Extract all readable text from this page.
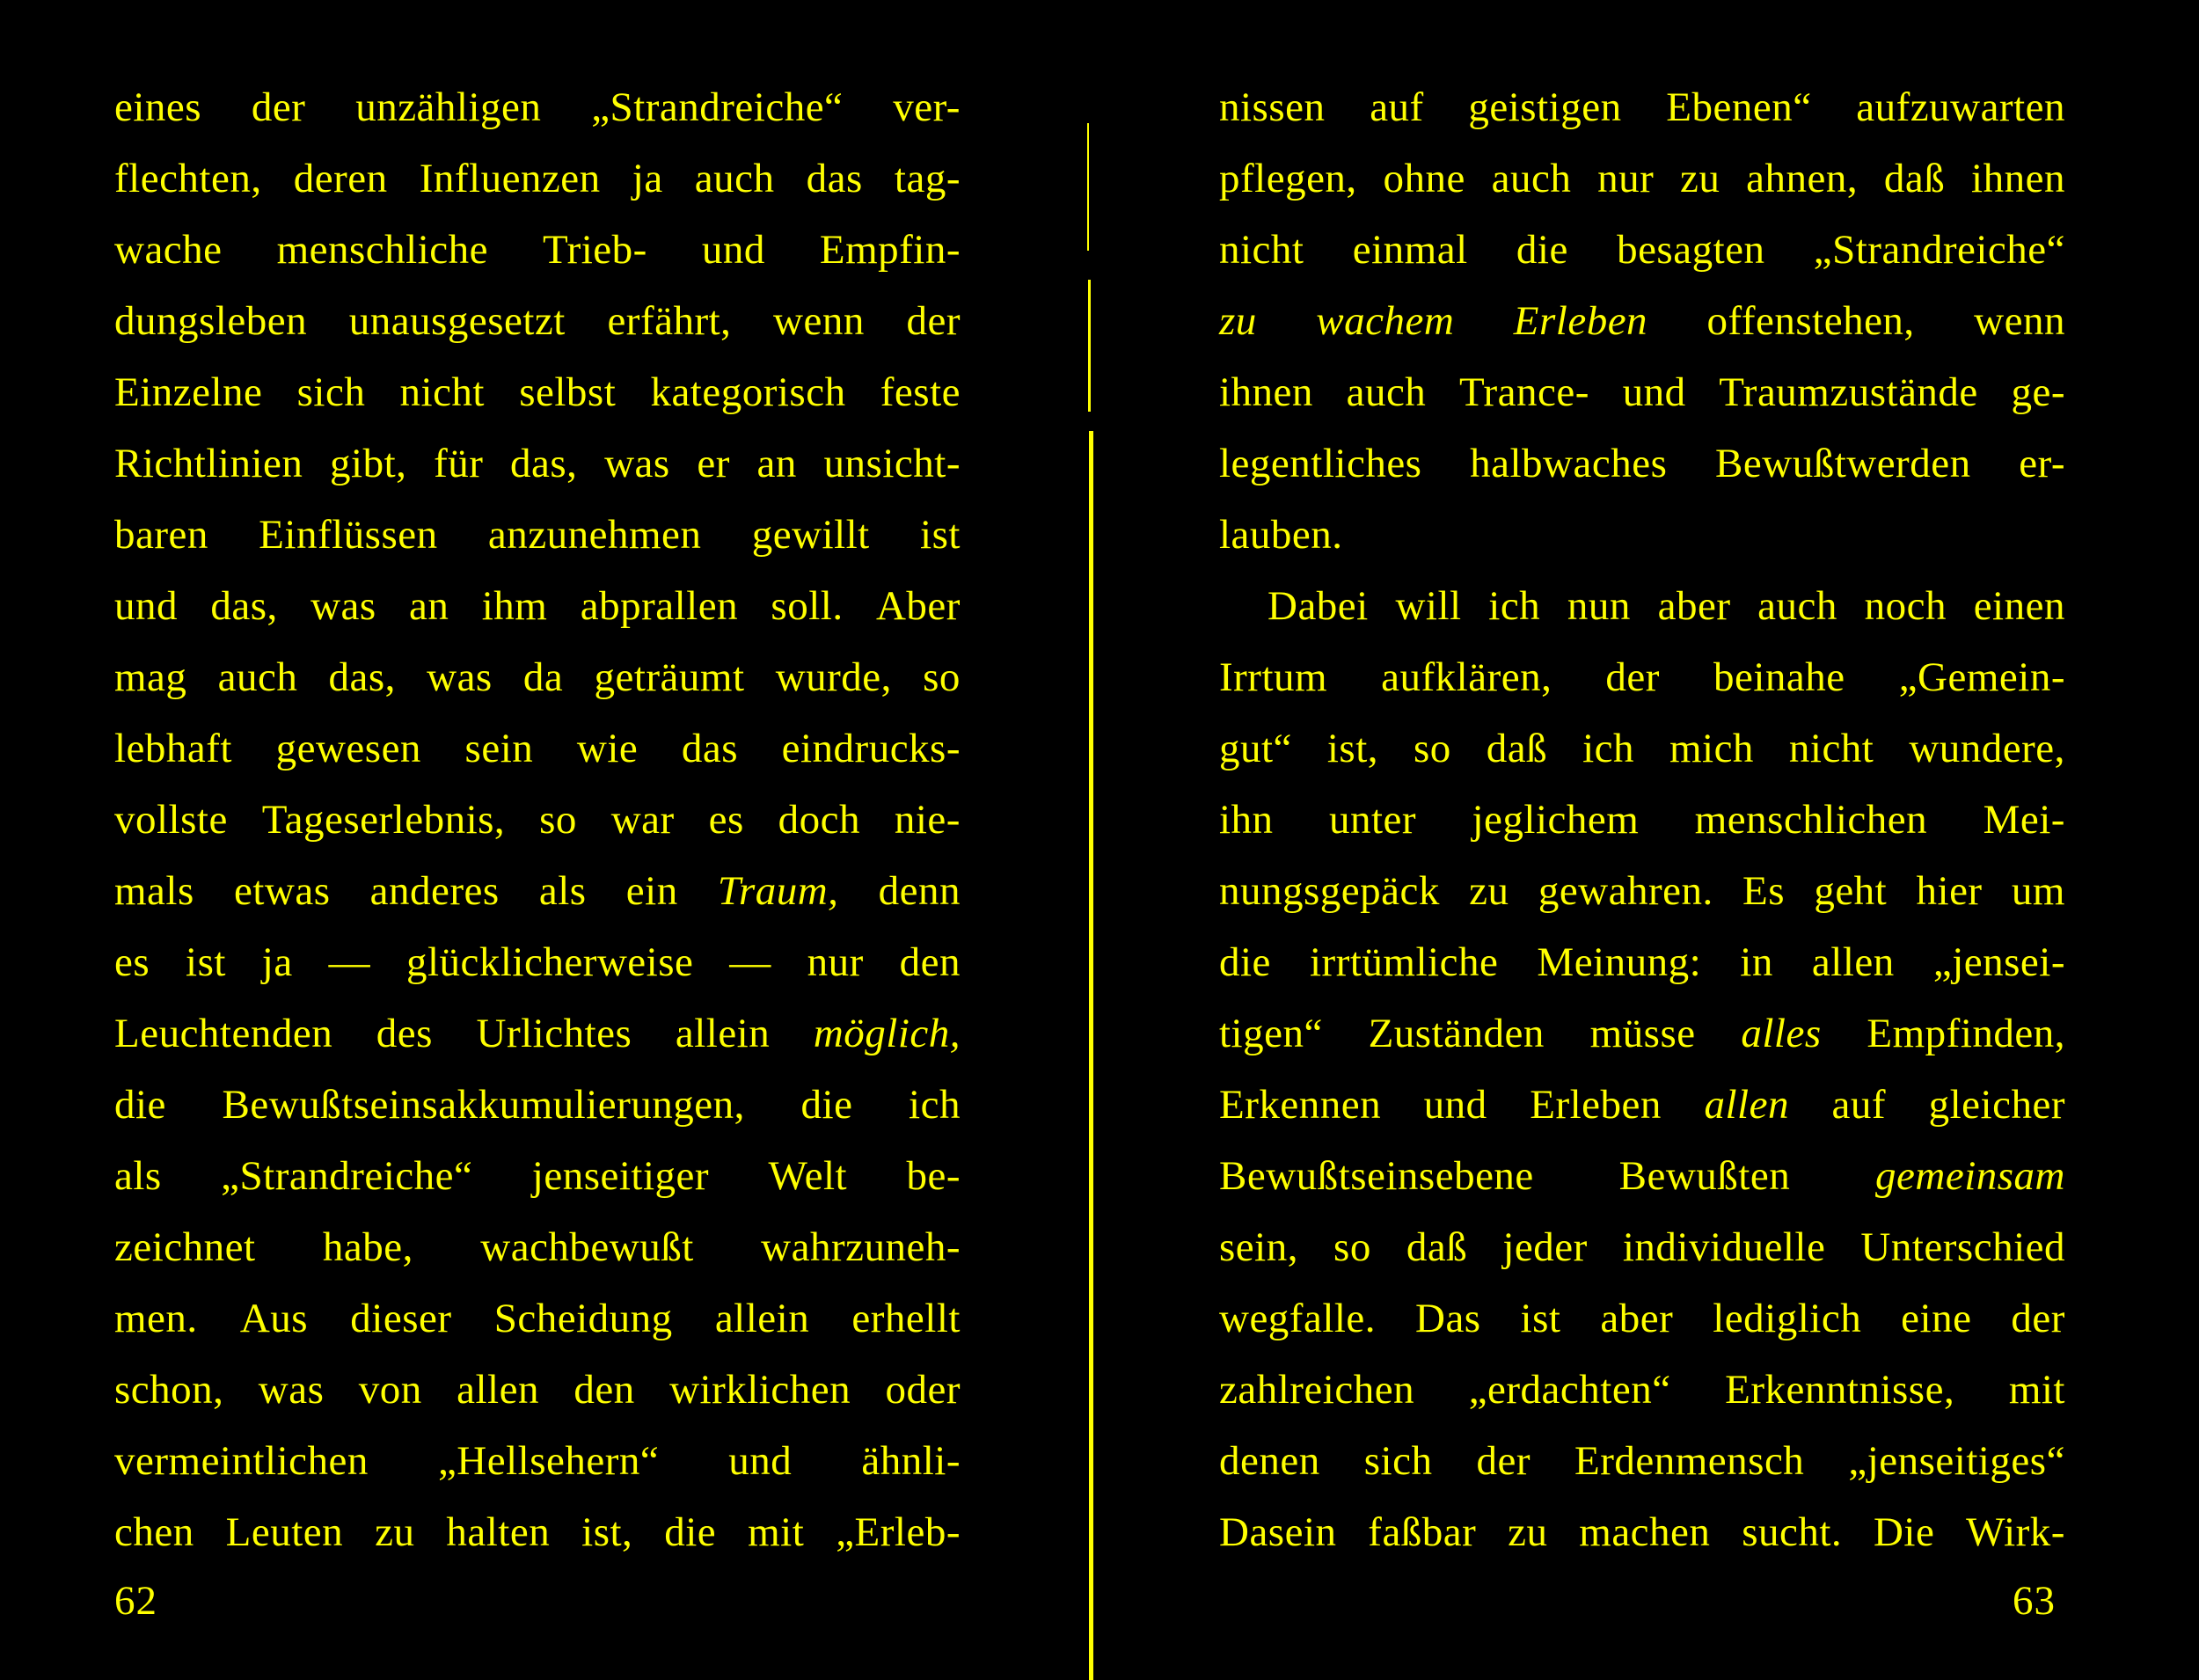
eines der unzähligen „Strandreiche“ ver-
flechten, deren Influenzen ja auch das tag-
wache menschliche Trieb- und Empfin-
dungsleben unausgesetzt erfährt, wenn der
Einzelne sich nicht selbst kategorisch feste
Richtlinien gibt, für das, was er an unsicht-
baren Einflüssen anzunehmen gewillt ist
und das, was an ihm abprallen soll. Aber
mag auch das, was da geträumt wurde, so
lebhaft gewesen sein wie das eindrucks-
vollste Tageserlebnis, so war es doch nie-
mals etwas anderes als ein Traum, denn
es ist ja — glücklicherweise — nur den
Leuchtenden des Urlichtes allein möglich,
die Bewußtseinsakkumulierungen, die ich
als „Strandreiche“ jenseitiger Welt be-
zeichnet habe, wachbewußt wahrzuneh-
men. Aus dieser Scheidung allein erhellt
schon, was von allen den wirklichen oder
vermeintlichen „Hellsehern“ und ähnli-
chen Leuten zu halten ist, die mit „Erleb-
62
nissen auf geistigen Ebenen“ aufzuwarten
pflegen, ohne auch nur zu ahnen, daß ihnen
nicht einmal die besagten „Strandreiche“
zu wachem Erleben offenstehen, wenn
ihnen auch Trance- und Traumzustände ge-
legentliches halbwaches Bewußtwerden er-
lauben.
Dabei will ich nun aber auch noch einen
Irrtum aufklären, der beinahe „Gemein-
gut“ ist, so daß ich mich nicht wundere,
ihn unter jeglichem menschlichen Mei-
nungsgepäck zu gewahren. Es geht hier um
die irrtümliche Meinung: in allen „jensei-
tigen“ Zuständen müsse alles Empfinden,
Erkennen und Erleben allen auf gleicher
Bewußtseinsebene Bewußten gemeinsam
sein, so daß jeder individuelle Unterschied
wegfalle. Das ist aber lediglich eine der
zahlreichen „erdachten“ Erkenntnisse, mit
denen sich der Erdenmensch „jenseitiges“
Dasein faßbar zu machen sucht. Die Wirk-
63
